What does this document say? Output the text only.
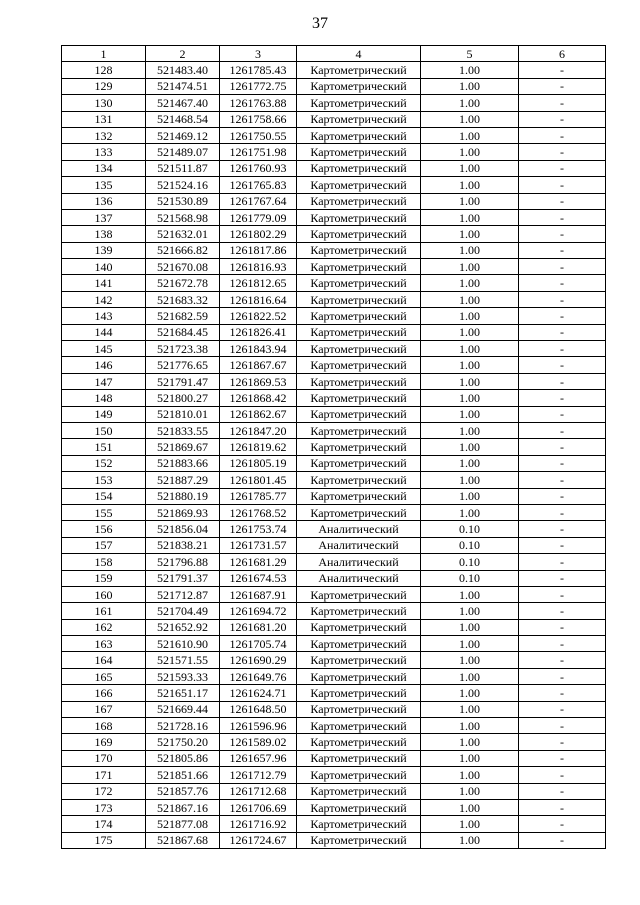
37
1	2	3	4	5	6
128	521483.40	1261785.43	Картометрический	1.00	-
129	521474.51	1261772.75	Картометрический	1.00	-
130	521467.40	1261763.88	Картометрический	1.00	-
131	521468.54	1261758.66	Картометрический	1.00	-
132	521469.12	1261750.55	Картометрический	1.00	-
133	521489.07	1261751.98	Картометрический	1.00	-
134	521511.87	1261760.93	Картометрический	1.00	-
135	521524.16	1261765.83	Картометрический	1.00	-
136	521530.89	1261767.64	Картометрический	1.00	-
137	521568.98	1261779.09	Картометрический	1.00	-
138	521632.01	1261802.29	Картометрический	1.00	-
139	521666.82	1261817.86	Картометрический	1.00	-
140	521670.08	1261816.93	Картометрический	1.00	-
141	521672.78	1261812.65	Картометрический	1.00	-
142	521683.32	1261816.64	Картометрический	1.00	-
143	521682.59	1261822.52	Картометрический	1.00	-
144	521684.45	1261826.41	Картометрический	1.00	-
145	521723.38	1261843.94	Картометрический	1.00	-
146	521776.65	1261867.67	Картометрический	1.00	-
147	521791.47	1261869.53	Картометрический	1.00	-
148	521800.27	1261868.42	Картометрический	1.00	-
149	521810.01	1261862.67	Картометрический	1.00	-
150	521833.55	1261847.20	Картометрический	1.00	-
151	521869.67	1261819.62	Картометрический	1.00	-
152	521883.66	1261805.19	Картометрический	1.00	-
153	521887.29	1261801.45	Картометрический	1.00	-
154	521880.19	1261785.77	Картометрический	1.00	-
155	521869.93	1261768.52	Картометрический	1.00	-
156	521856.04	1261753.74	Аналитический	0.10	-
157	521838.21	1261731.57	Аналитический	0.10	-
158	521796.88	1261681.29	Аналитический	0.10	-
159	521791.37	1261674.53	Аналитический	0.10	-
160	521712.87	1261687.91	Картометрический	1.00	-
161	521704.49	1261694.72	Картометрический	1.00	-
162	521652.92	1261681.20	Картометрический	1.00	-
163	521610.90	1261705.74	Картометрический	1.00	-
164	521571.55	1261690.29	Картометрический	1.00	-
165	521593.33	1261649.76	Картометрический	1.00	-
166	521651.17	1261624.71	Картометрический	1.00	-
167	521669.44	1261648.50	Картометрический	1.00	-
168	521728.16	1261596.96	Картометрический	1.00	-
169	521750.20	1261589.02	Картометрический	1.00	-
170	521805.86	1261657.96	Картометрический	1.00	-
171	521851.66	1261712.79	Картометрический	1.00	-
172	521857.76	1261712.68	Картометрический	1.00	-
173	521867.16	1261706.69	Картометрический	1.00	-
174	521877.08	1261716.92	Картометрический	1.00	-
175	521867.68	1261724.67	Картометрический	1.00	-
